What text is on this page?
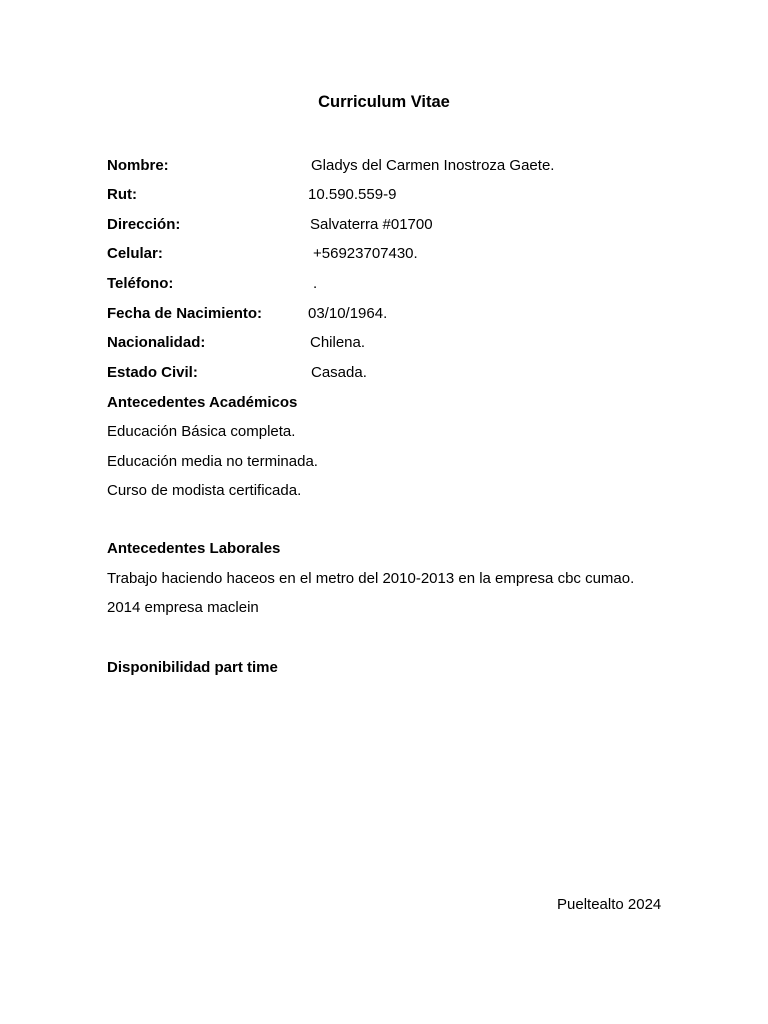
Curriculum Vitae
Nombre:	Gladys del Carmen Inostroza Gaete.
Rut:	10.590.559-9
Dirección:	Salvaterra #01700
Celular:	+56923707430.
Teléfono:	.
Fecha de Nacimiento:	03/10/1964.
Nacionalidad:	Chilena.
Estado Civil:	Casada.
Antecedentes Académicos
Educación Básica completa.
Educación media no terminada.
Curso de modista certificada.
Antecedentes Laborales
Trabajo haciendo haceos en el metro del 2010-2013 en la empresa cbc cumao.
2014 empresa maclein
Disponibilidad part time
Pueltealto 2024
